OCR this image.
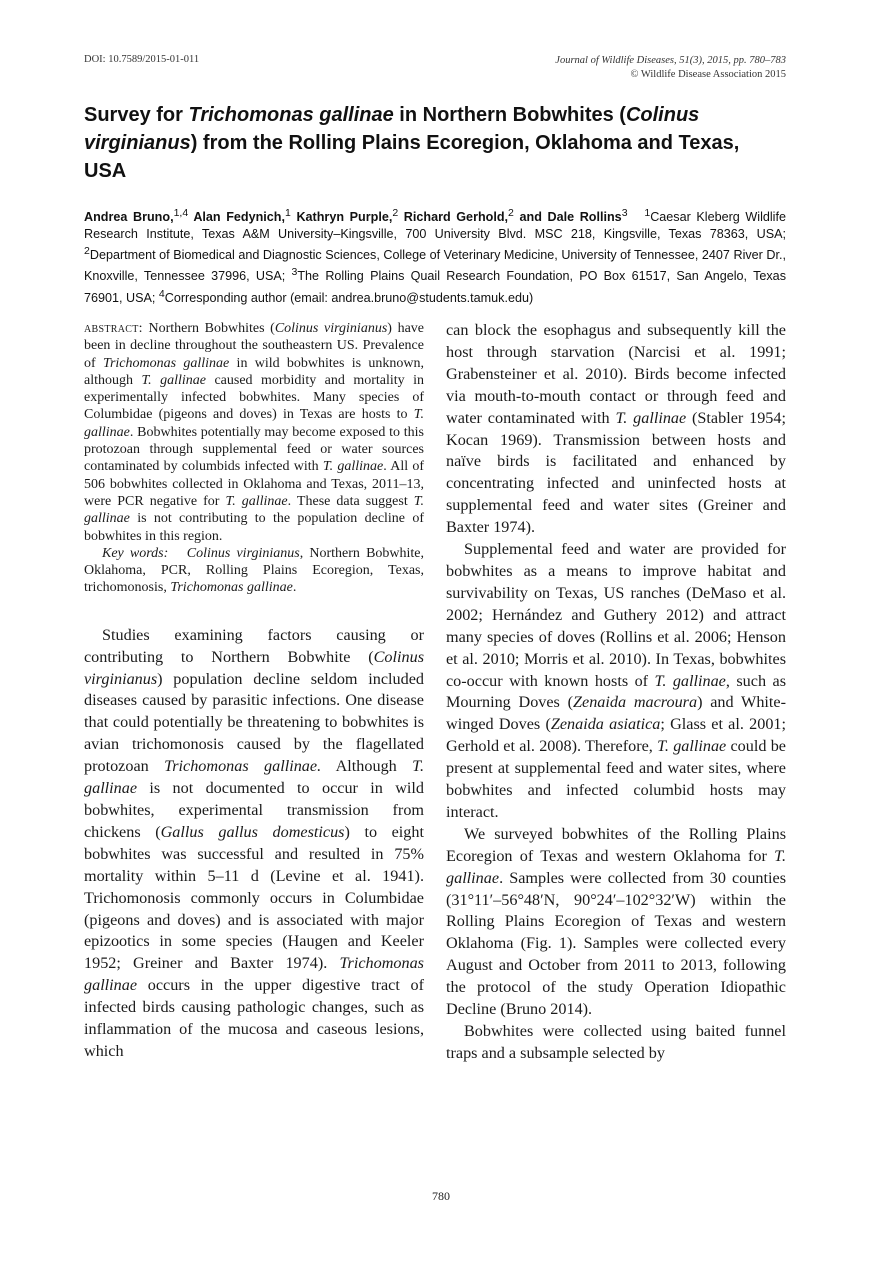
DOI: 10.7589/2015-01-011	Journal of Wildlife Diseases, 51(3), 2015, pp. 780–783
© Wildlife Disease Association 2015
Survey for Trichomonas gallinae in Northern Bobwhites (Colinus virginianus) from the Rolling Plains Ecoregion, Oklahoma and Texas, USA
Andrea Bruno,$^{1,4}$ Alan Fedynich,$^1$ Kathryn Purple,$^2$ Richard Gerhold,$^2$ and Dale Rollins$^3$ $^1$Caesar Kleberg Wildlife Research Institute, Texas A&M University–Kingsville, 700 University Blvd. MSC 218, Kingsville, Texas 78363, USA; $^2$Department of Biomedical and Diagnostic Sciences, College of Veterinary Medicine, University of Tennessee, 2407 River Dr., Knoxville, Tennessee 37996, USA; $^3$The Rolling Plains Quail Research Foundation, PO Box 61517, San Angelo, Texas 76901, USA; $^4$Corresponding author (email: andrea.bruno@students.tamuk.edu)

abstract: Northern Bobwhites (Colinus virginianus) have been in decline throughout the southeastern US. Prevalence of Trichomonas gallinae in wild bobwhites is unknown, although T. gallinae caused morbidity and mortality in experimentally infected bobwhites. Many species of Columbidae (pigeons and doves) in Texas are hosts to T. gallinae. Bobwhites potentially may become exposed to this protozoan through supplemental feed or water sources contaminated by columbids infected with T. gallinae. All of 506 bobwhites collected in Oklahoma and Texas, 2011–13, were PCR negative for T. gallinae. These data suggest T. gallinae is not contributing to the population decline of bobwhites in this region.

Key words: Colinus virginianus, Northern Bobwhite, Oklahoma, PCR, Rolling Plains Ecoregion, Texas, trichomonosis, Trichomonas gallinae.

Studies examining factors causing or contributing to Northern Bobwhite (Colinus virginianus) population decline seldom included diseases caused by parasitic infections. One disease that could potentially be threatening to bobwhites is avian trichomonosis caused by the flagellated protozoan Trichomonas gallinae. Although T. gallinae is not documented to occur in wild bobwhites, experimental transmission from chickens (Gallus gallus domesticus) to eight bobwhites was successful and resulted in 75% mortality within 5–11 d (Levine et al. 1941). Trichomonosis commonly occurs in Columbidae (pigeons and doves) and is associated with major epizootics in some species (Haugen and Keeler 1952; Greiner and Baxter 1974). Trichomonas gallinae occurs in the upper digestive tract of infected birds causing pathologic changes, such as inflammation of the mucosa and caseous lesions, which

can block the esophagus and subsequently kill the host through starvation (Narcisi et al. 1991; Grabensteiner et al. 2010). Birds become infected via mouth-to-mouth contact or through feed and water contaminated with T. gallinae (Stabler 1954; Kocan 1969). Transmission between hosts and naïve birds is facilitated and enhanced by concentrating infected and uninfected hosts at supplemental feed and water sites (Greiner and Baxter 1974).

Supplemental feed and water are provided for bobwhites as a means to improve habitat and survivability on Texas, US ranches (DeMaso et al. 2002; Hernández and Guthery 2012) and attract many species of doves (Rollins et al. 2006; Henson et al. 2010; Morris et al. 2010). In Texas, bobwhites co-occur with known hosts of T. gallinae, such as Mourning Doves (Zenaida macroura) and White-winged Doves (Zenaida asiatica; Glass et al. 2001; Gerhold et al. 2008). Therefore, T. gallinae could be present at supplemental feed and water sites, where bobwhites and infected columbid hosts may interact.

We surveyed bobwhites of the Rolling Plains Ecoregion of Texas and western Oklahoma for T. gallinae. Samples were collected from 30 counties (31°11′–56°48′N, 90°24′–102°32′W) within the Rolling Plains Ecoregion of Texas and western Oklahoma (Fig. 1). Samples were collected every August and October from 2011 to 2013, following the protocol of the study Operation Idiopathic Decline (Bruno 2014).

Bobwhites were collected using baited funnel traps and a subsample selected by

780
